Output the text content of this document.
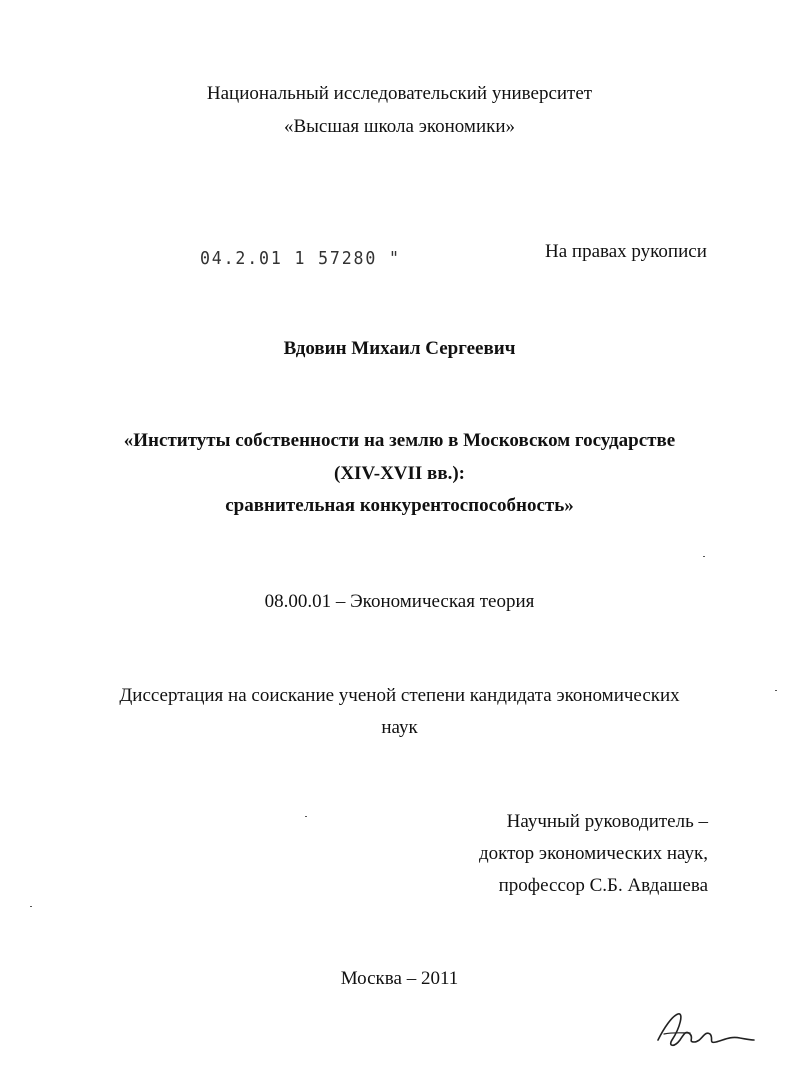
Национальный исследовательский университет
«Высшая школа экономики»
04.2.01 1 57280 "	На правах рукописи
Вдовин Михаил Сергеевич
«Институты собственности на землю в Московском государстве
(XIV-XVII вв.):
сравнительная конкурентоспособность»
08.00.01 – Экономическая теория
Диссертация на соискание ученой степени кандидата экономических
наук
Научный руководитель –
доктор экономических наук,
профессор С.Б. Авдашева
Москва – 2011
